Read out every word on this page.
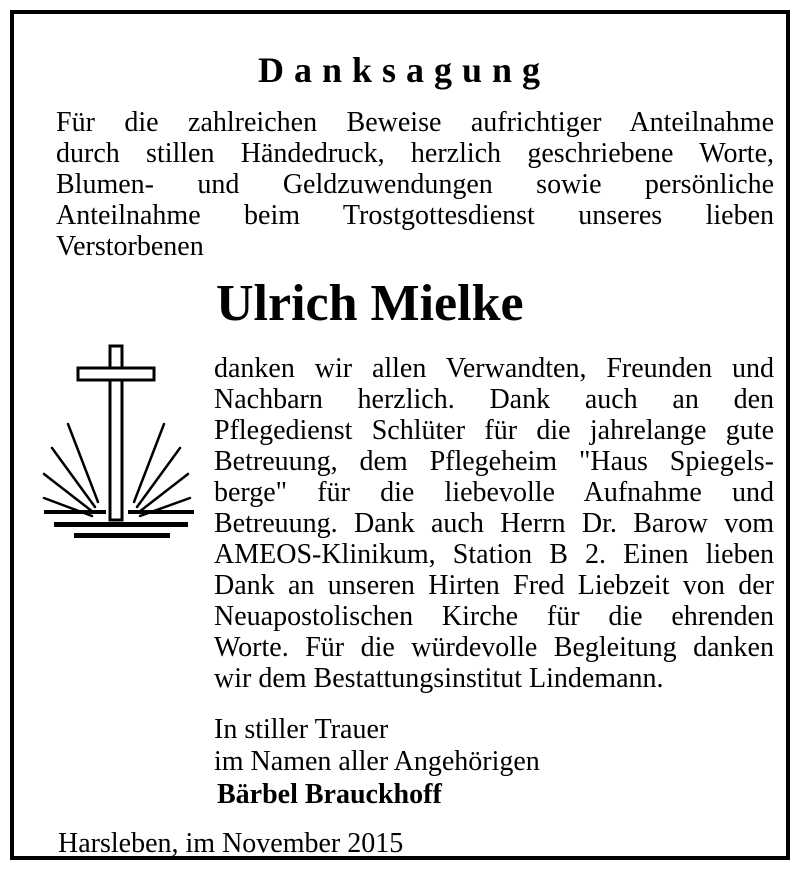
Danksagung
Für die zahlreichen Beweise aufrichtiger Anteilnahme
durch stillen Händedruck, herzlich geschriebene Worte,
Blumen- und Geldzuwendungen sowie persönliche
Anteilnahme beim Trostgottesdienst unseres lieben
Verstorbenen
Ulrich Mielke
danken wir allen Verwandten, Freunden und
Nachbarn herzlich. Dank auch an den
Pflegedienst Schlüter für die jahrelange gute
Betreuung, dem Pflegeheim "Haus Spiegels-
berge" für die liebevolle Aufnahme und
Betreuung. Dank auch Herrn Dr. Barow vom
AMEOS-Klinikum, Station B 2. Einen lieben
Dank an unseren Hirten Fred Liebzeit von der
Neuapostolischen Kirche für die ehrenden
Worte. Für die würdevolle Begleitung danken
wir dem Bestattungsinstitut Lindemann.
In stiller Trauer
im Namen aller Angehörigen
Bärbel Brauckhoff
Harsleben, im November 2015
